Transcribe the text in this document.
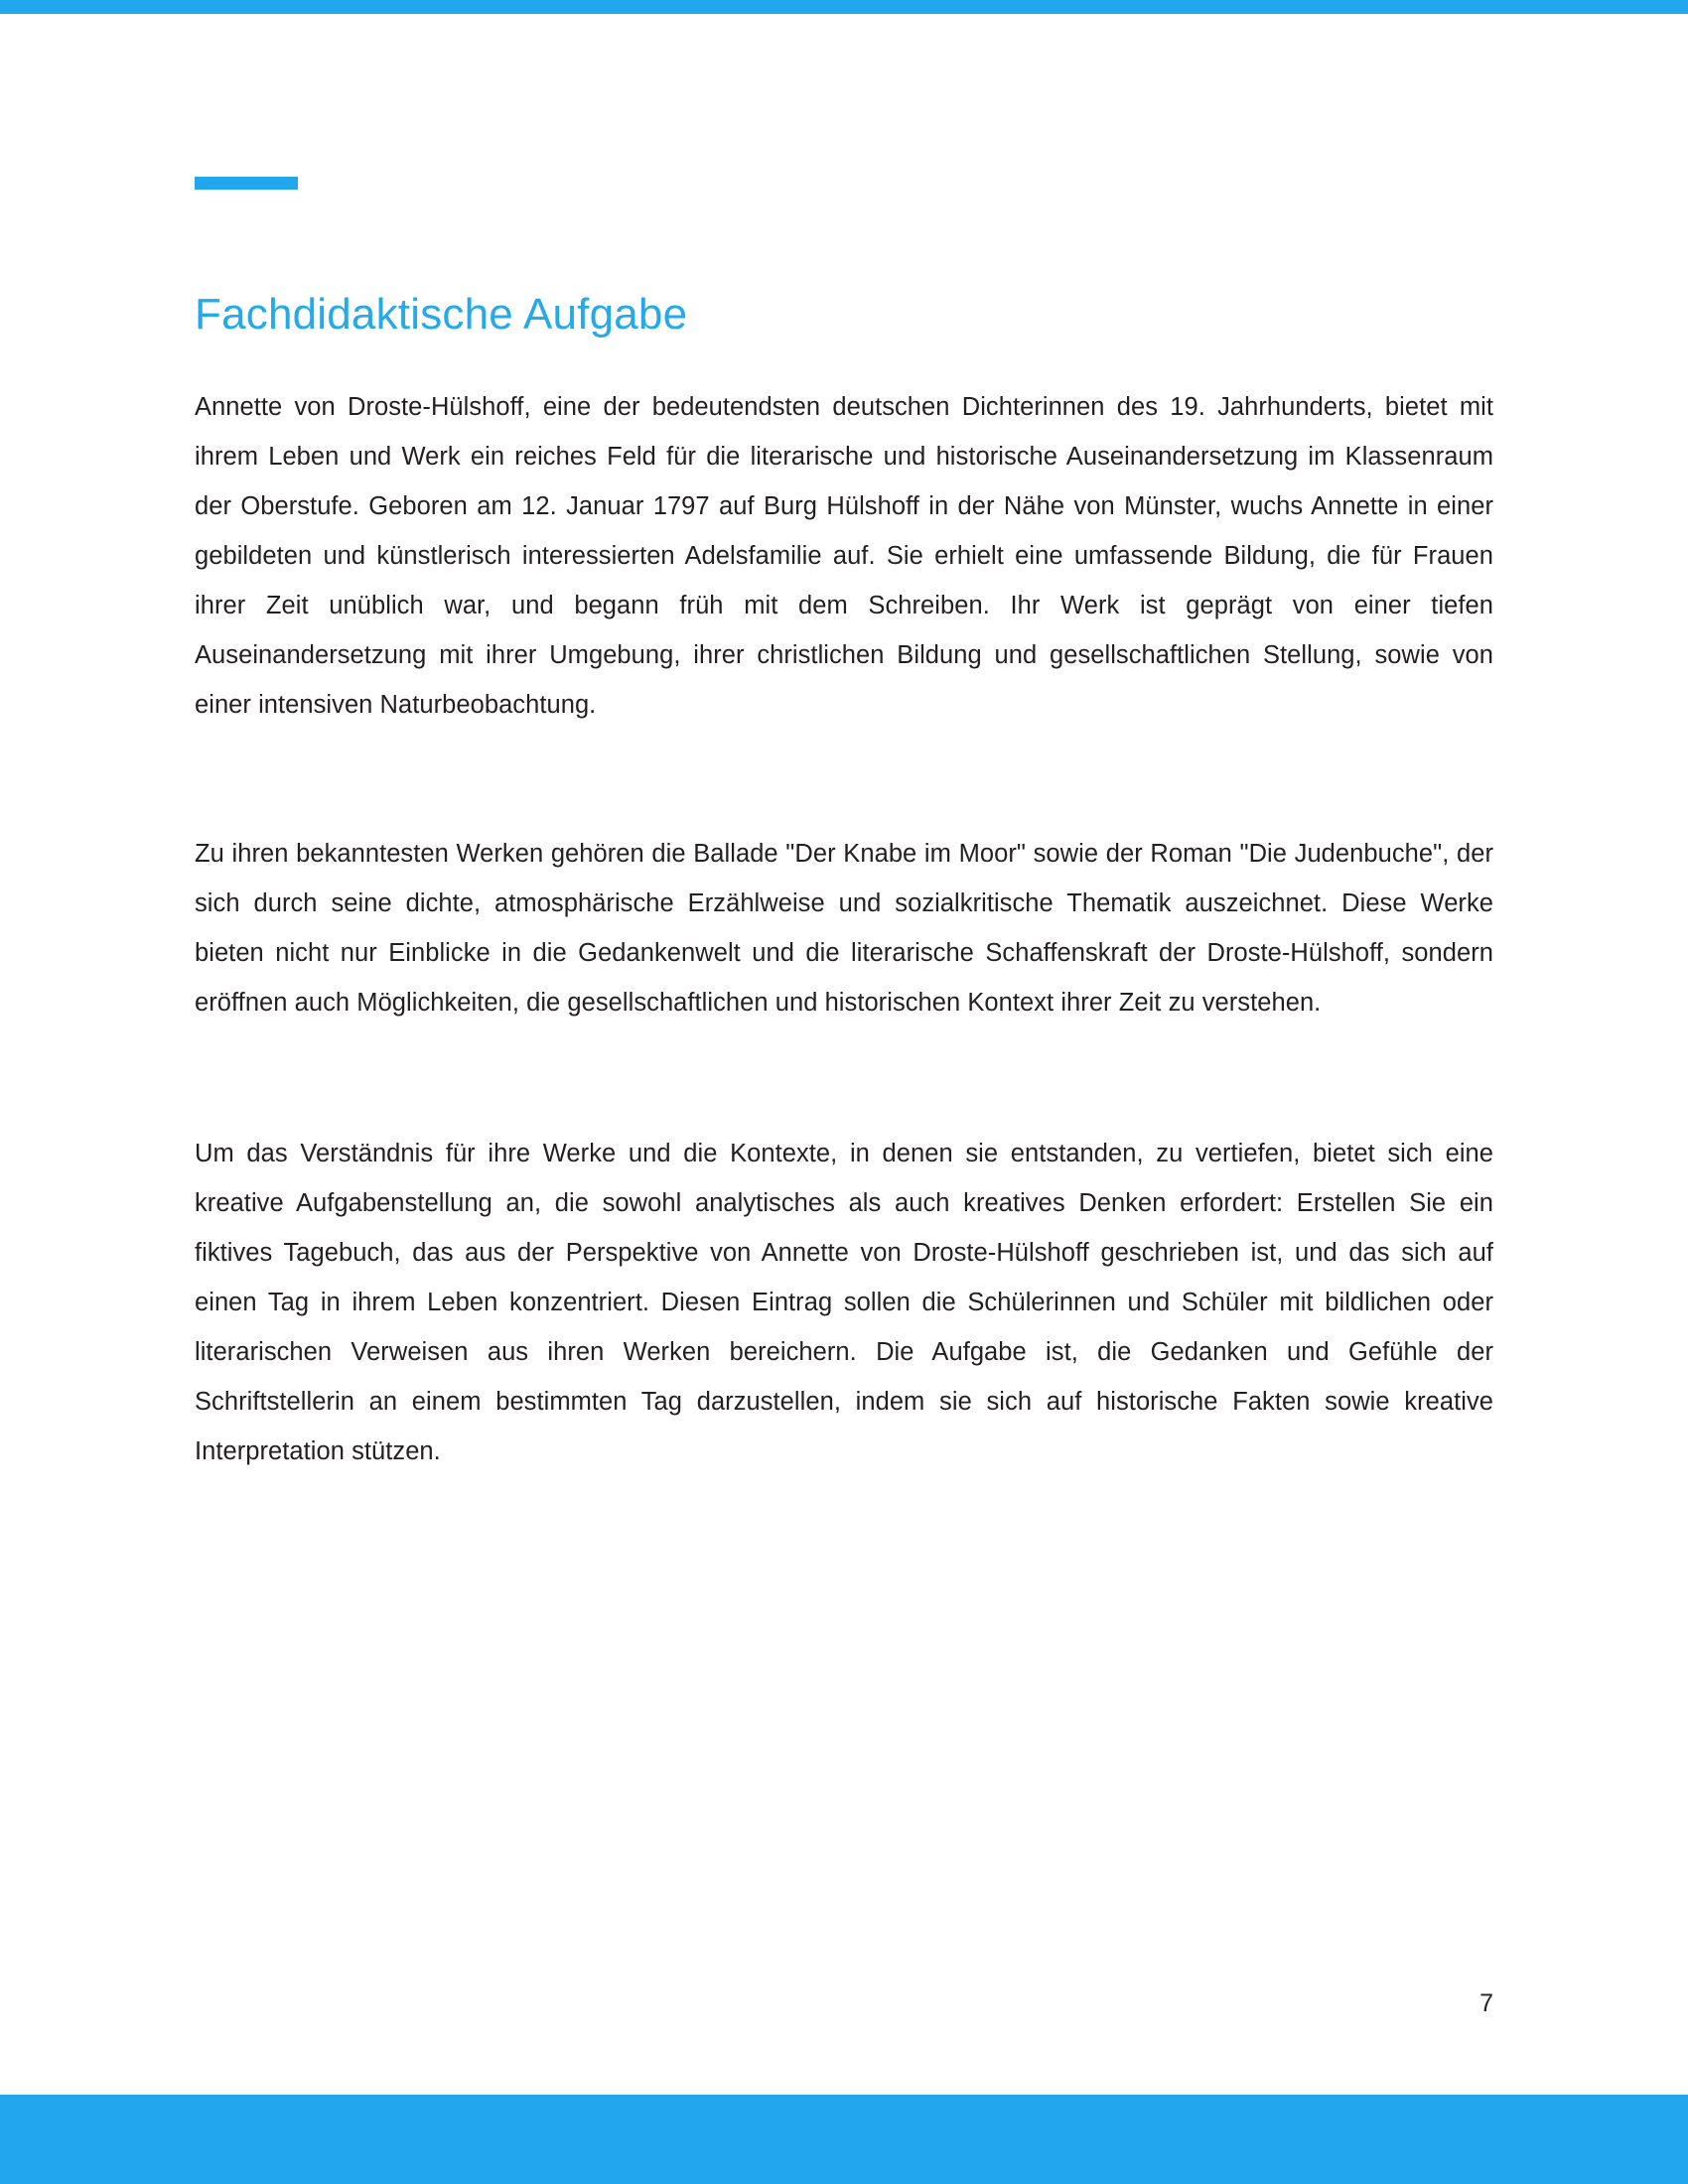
Fachdidaktische Aufgabe

Annette von Droste-Hülshoff, eine der bedeutendsten deutschen Dichterinnen des 19. Jahrhunderts, bietet mit ihrem Leben und Werk ein reiches Feld für die literarische und historische Auseinandersetzung im Klassenraum der Oberstufe. Geboren am 12. Januar 1797 auf Burg Hülshoff in der Nähe von Münster, wuchs Annette in einer gebildeten und künstlerisch interessierten Adelsfamilie auf. Sie erhielt eine umfassende Bildung, die für Frauen ihrer Zeit unüblich war, und begann früh mit dem Schreiben. Ihr Werk ist geprägt von einer tiefen Auseinandersetzung mit ihrer Umgebung, ihrer christlichen Bildung und gesellschaftlichen Stellung, sowie von einer intensiven Naturbeobachtung.

Zu ihren bekanntesten Werken gehören die Ballade "Der Knabe im Moor" sowie der Roman "Die Judenbuche", der sich durch seine dichte, atmosphärische Erzählweise und sozialkritische Thematik auszeichnet. Diese Werke bieten nicht nur Einblicke in die Gedankenwelt und die literarische Schaffenskraft der Droste-Hülshoff, sondern eröffnen auch Möglichkeiten, die gesellschaftlichen und historischen Kontext ihrer Zeit zu verstehen.

Um das Verständnis für ihre Werke und die Kontexte, in denen sie entstanden, zu vertiefen, bietet sich eine kreative Aufgabenstellung an, die sowohl analytisches als auch kreatives Denken erfordert: Erstellen Sie ein fiktives Tagebuch, das aus der Perspektive von Annette von Droste-Hülshoff geschrieben ist, und das sich auf einen Tag in ihrem Leben konzentriert. Diesen Eintrag sollen die Schülerinnen und Schüler mit bildlichen oder literarischen Verweisen aus ihren Werken bereichern. Die Aufgabe ist, die Gedanken und Gefühle der Schriftstellerin an einem bestimmten Tag darzustellen, indem sie sich auf historische Fakten sowie kreative Interpretation stützen.

7
